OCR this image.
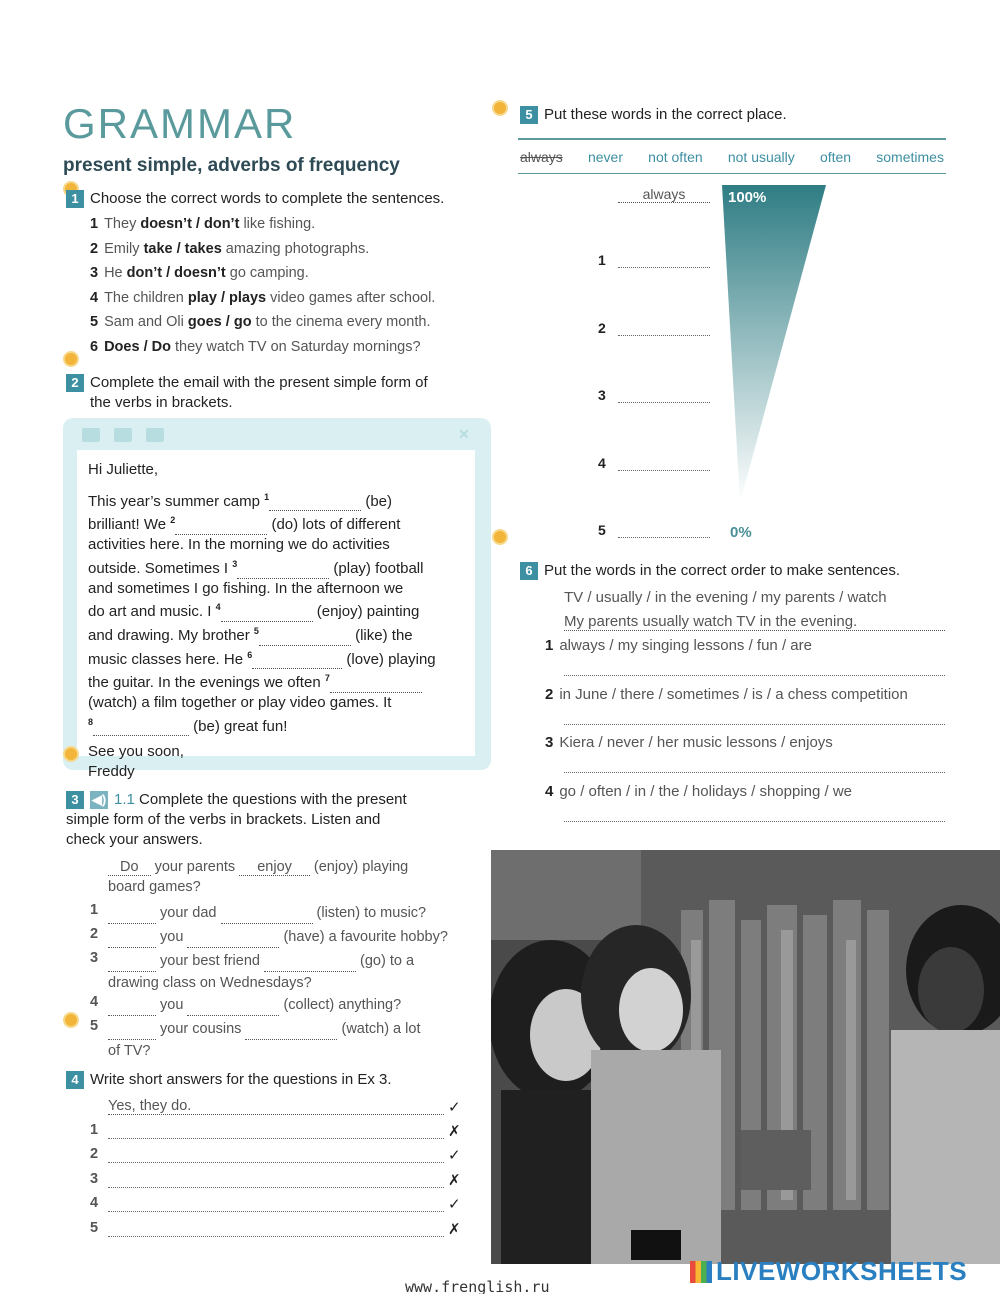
GRAMMAR
present simple, adverbs of frequency
1 Choose the correct words to complete the sentences.
1 They doesn’t / don’t like fishing.
2 Emily take / takes amazing photographs.
3 He don’t / doesn’t go camping.
4 The children play / plays video games after school.
5 Sam and Oli goes / go to the cinema every month.
6 Does / Do they watch TV on Saturday mornings?
2 Complete the email with the present simple form of
the verbs in brackets.
✕
Hi Juliette,
This year’s summer camp $^1$	(be)
brilliant! We $^2$	(do) lots of different
activities here. In the morning we do activities
outside. Sometimes I $^3$	(play) football
and sometimes I go fishing. In the afternoon we
do art and music. I $^4$	(enjoy) painting
and drawing. My brother $^5$	(like) the
music classes here. He $^6$	(love) playing
the guitar. In the evenings we often $^7$
(watch) a film together or play video games. It
$^8$	(be) great fun!
See you soon,
Freddy
3 ◀) 1.1 Complete the questions with the present
simple form of the verbs in brackets. Listen and
check your answers.
Do your parents enjoy (enjoy) playing
board games?
1	your dad	(listen) to music?
2	you	(have) a favourite hobby?
3	your best friend	(go) to a
drawing class on Wednesdays?
4	you	(collect) anything?
5	your cousins	(watch) a lot
of TV?
4 Write short answers for the questions in Ex 3.
Yes, they do.	✓
1	✗
2	✓
3	✗
4	✓
5	✗
5 Put these words in the correct place.
always never not often not usually often sometimes
100%
0%
always
1
2
3
4
5
6 Put the words in the correct order to make sentences.
TV / usually / in the evening / my parents / watch
My parents usually watch TV in the evening.
1 always / my singing lessons / fun / are
2 in June / there / sometimes / is / a chess competition
3 Kiera / never / her music lessons / enjoys
4 go / often / in / the / holidays / shopping / we
www.frenglish.ru
LIVEWORKSHEETS
